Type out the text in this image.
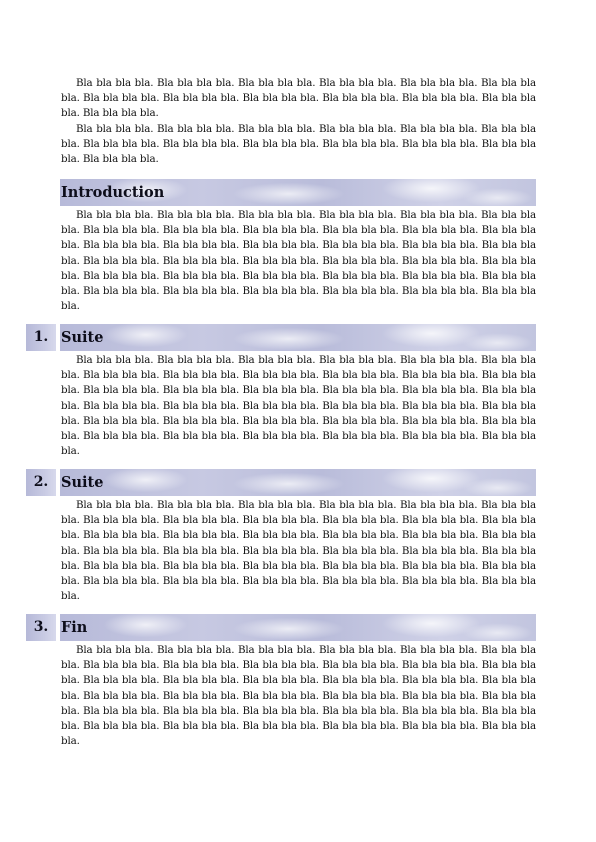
Bla bla bla bla. Bla bla bla bla. Bla bla bla bla. Bla bla bla bla. Bla bla bla bla. Bla bla bla bla. Bla bla bla bla. Bla bla bla bla. Bla bla bla bla. Bla bla bla bla. Bla bla bla bla. Bla bla bla bla. Bla bla bla bla.

Bla bla bla bla. Bla bla bla bla. Bla bla bla bla. Bla bla bla bla. Bla bla bla bla. Bla bla bla bla. Bla bla bla bla. Bla bla bla bla. Bla bla bla bla. Bla bla bla bla. Bla bla bla bla. Bla bla bla bla. Bla bla bla bla.

Introduction

Bla bla bla bla. Bla bla bla bla. Bla bla bla bla. Bla bla bla bla. Bla bla bla bla. Bla bla bla bla. Bla bla bla bla. Bla bla bla bla. Bla bla bla bla. Bla bla bla bla. Bla bla bla bla. Bla bla bla bla. Bla bla bla bla. Bla bla bla bla. Bla bla bla bla. Bla bla bla bla. Bla bla bla bla. Bla bla bla bla. Bla bla bla bla. Bla bla bla bla. Bla bla bla bla. Bla bla bla bla. Bla bla bla bla. Bla bla bla bla. Bla bla bla bla. Bla bla bla bla. Bla bla bla bla. Bla bla bla bla. Bla bla bla bla. Bla bla bla bla. Bla bla bla bla. Bla bla bla bla. Bla bla bla bla. Bla bla bla bla. Bla bla bla bla. Bla bla bla bla.

1. Suite

Bla bla bla bla. Bla bla bla bla. Bla bla bla bla. Bla bla bla bla. Bla bla bla bla. Bla bla bla bla. Bla bla bla bla. Bla bla bla bla. Bla bla bla bla. Bla bla bla bla. Bla bla bla bla. Bla bla bla bla. Bla bla bla bla. Bla bla bla bla. Bla bla bla bla. Bla bla bla bla. Bla bla bla bla. Bla bla bla bla. Bla bla bla bla. Bla bla bla bla. Bla bla bla bla. Bla bla bla bla. Bla bla bla bla. Bla bla bla bla. Bla bla bla bla. Bla bla bla bla. Bla bla bla bla. Bla bla bla bla. Bla bla bla bla. Bla bla bla bla. Bla bla bla bla. Bla bla bla bla. Bla bla bla bla. Bla bla bla bla. Bla bla bla bla. Bla bla bla bla.

2. Suite

Bla bla bla bla. Bla bla bla bla. Bla bla bla bla. Bla bla bla bla. Bla bla bla bla. Bla bla bla bla. Bla bla bla bla. Bla bla bla bla. Bla bla bla bla. Bla bla bla bla. Bla bla bla bla. Bla bla bla bla. Bla bla bla bla. Bla bla bla bla. Bla bla bla bla. Bla bla bla bla. Bla bla bla bla. Bla bla bla bla. Bla bla bla bla. Bla bla bla bla. Bla bla bla bla. Bla bla bla bla. Bla bla bla bla. Bla bla bla bla. Bla bla bla bla. Bla bla bla bla. Bla bla bla bla. Bla bla bla bla. Bla bla bla bla. Bla bla bla bla. Bla bla bla bla. Bla bla bla bla. Bla bla bla bla. Bla bla bla bla. Bla bla bla bla. Bla bla bla bla.

3. Fin

Bla bla bla bla. Bla bla bla bla. Bla bla bla bla. Bla bla bla bla. Bla bla bla bla. Bla bla bla bla. Bla bla bla bla. Bla bla bla bla. Bla bla bla bla. Bla bla bla bla. Bla bla bla bla. Bla bla bla bla. Bla bla bla bla. Bla bla bla bla. Bla bla bla bla. Bla bla bla bla. Bla bla bla bla. Bla bla bla bla. Bla bla bla bla. Bla bla bla bla. Bla bla bla bla. Bla bla bla bla. Bla bla bla bla. Bla bla bla bla. Bla bla bla bla. Bla bla bla bla. Bla bla bla bla. Bla bla bla bla. Bla bla bla bla. Bla bla bla bla. Bla bla bla bla. Bla bla bla bla. Bla bla bla bla. Bla bla bla bla. Bla bla bla bla. Bla bla bla bla.
